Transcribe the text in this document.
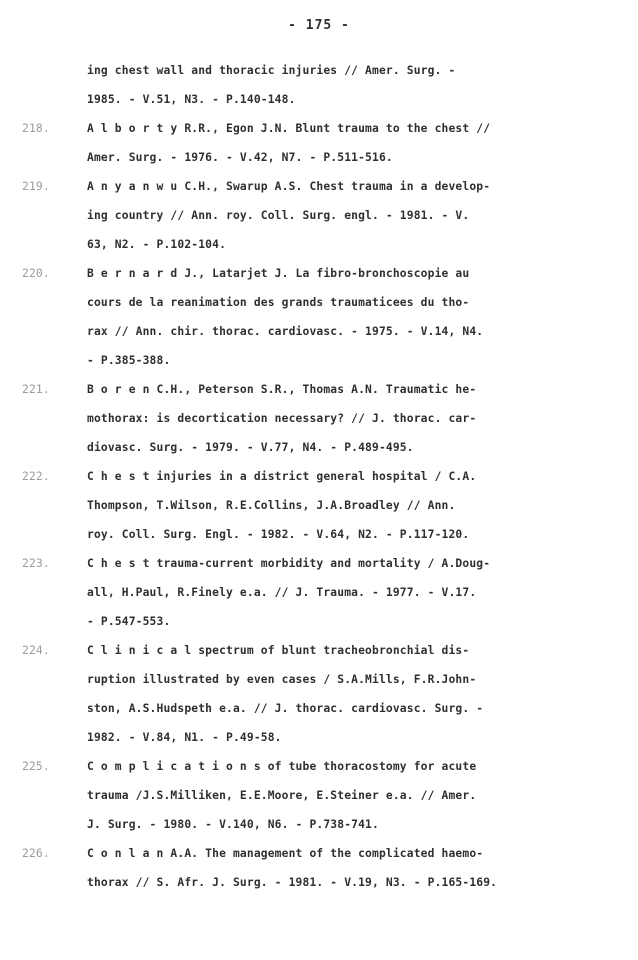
- 175 -
ing chest wall and thoracic injuries // Amer. Surg. -
1985. - V.51, N3. - P.140-148.
218.	A l b o r t y R.R., Egon J.N. Blunt trauma to the chest //
Amer. Surg. - 1976. - V.42, N7. - P.511-516.
219.	A n y a n w u C.H., Swarup A.S. Chest trauma in a develop-
ing country // Ann. roy. Coll. Surg. engl. - 1981. - V.
63, N2. - P.102-104.
220.	B e r n a r d J., Latarjet J. La fibro-bronchoscopie au
cours de la reanimation des grands traumaticees du tho-
rax // Ann. chir. thorac. cardiovasc. - 1975. - V.14, N4.
- P.385-388.
221.	B o r e n C.H., Peterson S.R., Thomas A.N. Traumatic he-
mothorax: is decortication necessary? // J. thorac. car-
diovasc. Surg. - 1979. - V.77, N4. - P.489-495.
222.	C h e s t injuries in a district general hospital / C.A.
Thompson, T.Wilson, R.E.Collins, J.A.Broadley // Ann.
roy. Coll. Surg. Engl. - 1982. - V.64, N2. - P.117-120.
223.	C h e s t trauma-current morbidity and mortality / A.Doug-
all, H.Paul, R.Finely e.a. // J. Trauma. - 1977. - V.17.
- P.547-553.
224.	C l i n i c a l spectrum of blunt tracheobronchial dis-
ruption illustrated by even cases / S.A.Mills, F.R.John-
ston, A.S.Hudspeth e.a. // J. thorac. cardiovasc. Surg. -
1982. - V.84, N1. - P.49-58.
225.	C o m p l i c a t i o n s of tube thoracostomy for acute
trauma /J.S.Milliken, E.E.Moore, E.Steiner e.a. // Amer.
J. Surg. - 1980. - V.140, N6. - P.738-741.
226.	C o n l a n A.A. The management of the complicated haemo-
thorax // S. Afr. J. Surg. - 1981. - V.19, N3. - P.165-169.
